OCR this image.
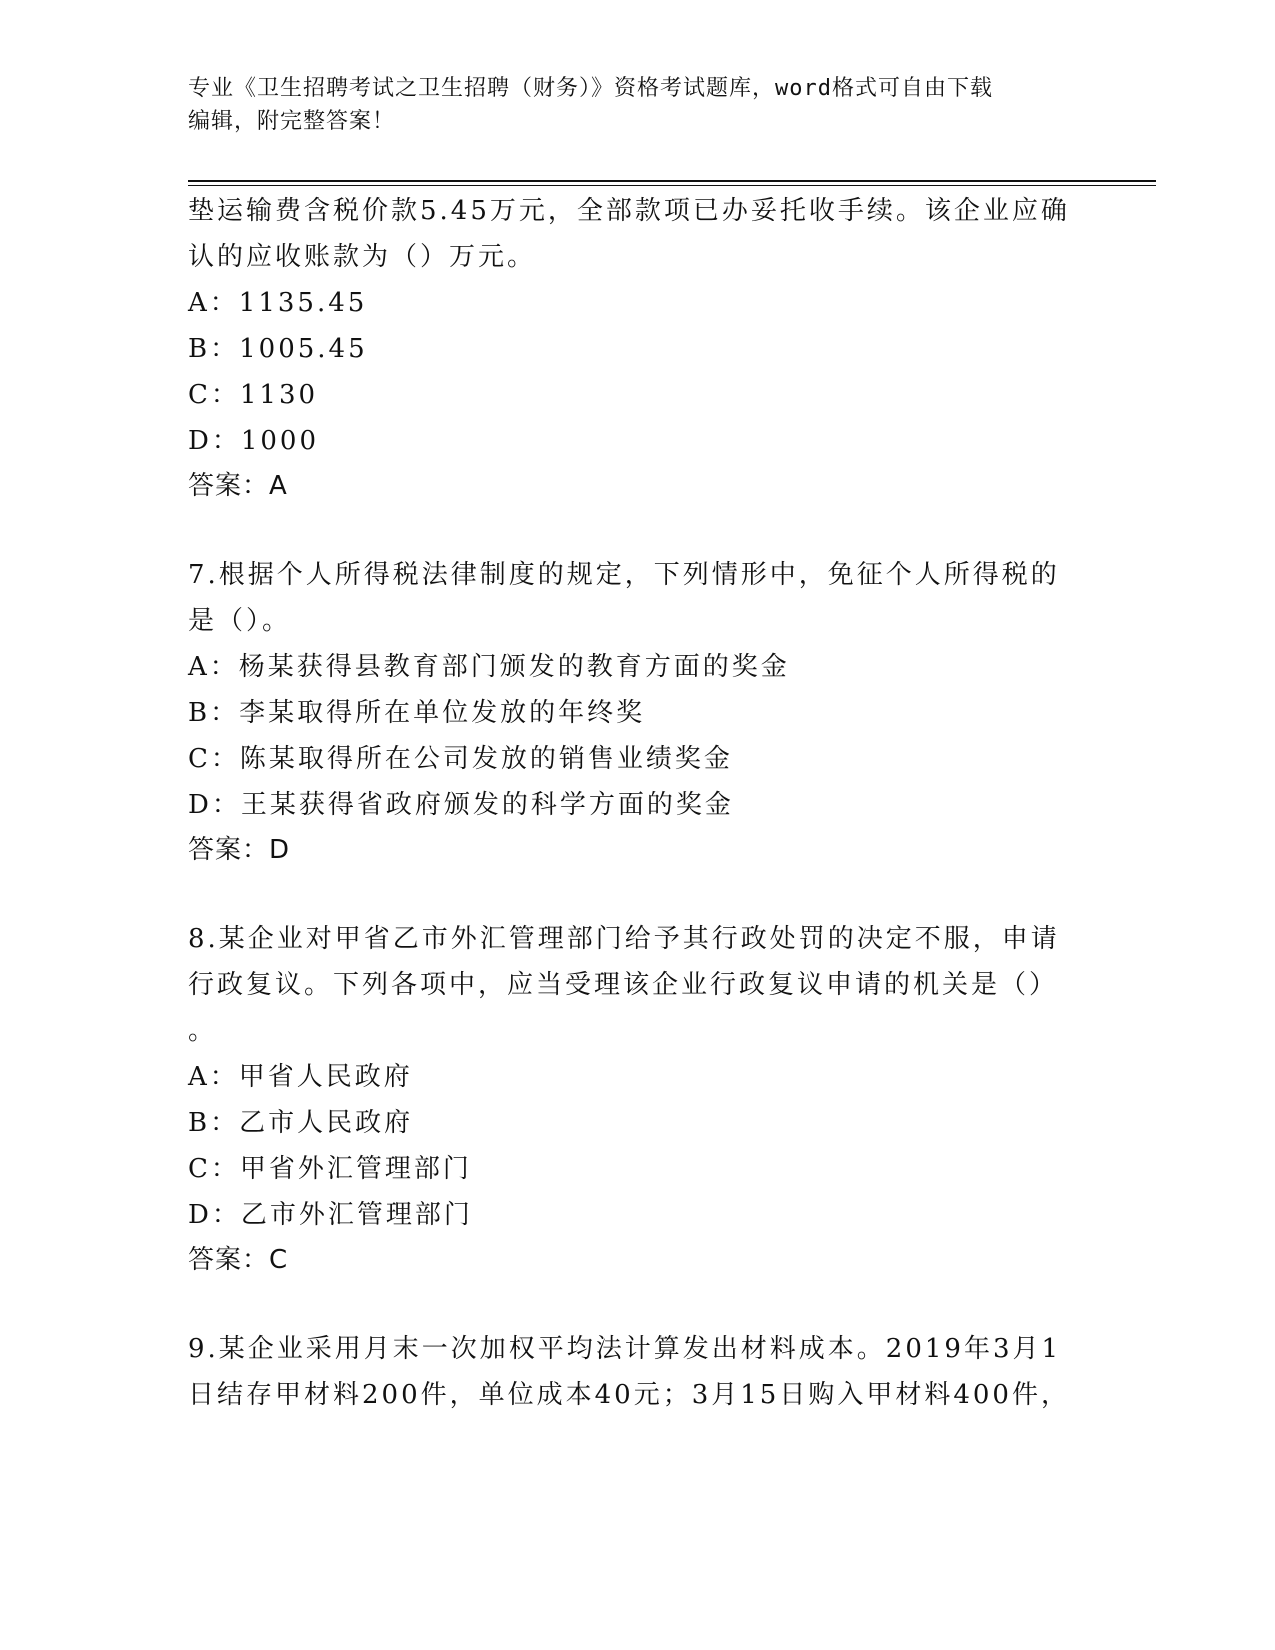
专业《卫生招聘考试之卫生招聘（财务）》资格考试题库，word格式可自由下载
编辑，附完整答案！
垫运输费含税价款5.45万元，全部款项已办妥托收手续。该企业应确
认的应收账款为（）万元。
A：1135.45
B：1005.45
C：1130
D：1000
答案：A
7.根据个人所得税法律制度的规定，下列情形中，免征个人所得税的
是（）。
A：杨某获得县教育部门颁发的教育方面的奖金
B：李某取得所在单位发放的年终奖
C：陈某取得所在公司发放的销售业绩奖金
D：王某获得省政府颁发的科学方面的奖金
答案：D
8.某企业对甲省乙市外汇管理部门给予其行政处罚的决定不服，申请
行政复议。下列各项中，应当受理该企业行政复议申请的机关是（）
。
A：甲省人民政府
B：乙市人民政府
C：甲省外汇管理部门
D：乙市外汇管理部门
答案：C
9.某企业采用月末一次加权平均法计算发出材料成本。2019年3月1
日结存甲材料200件，单位成本40元；3月15日购入甲材料400件，
